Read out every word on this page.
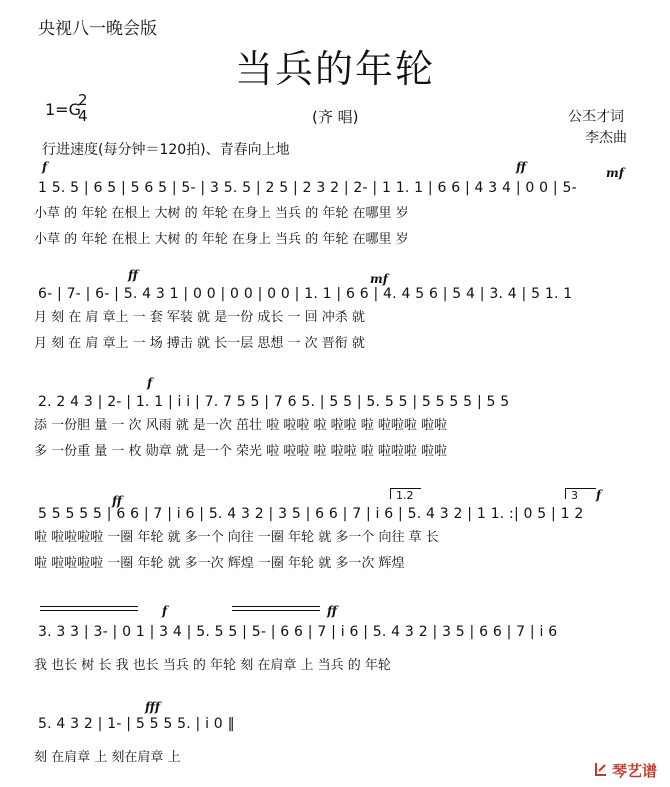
央视八一晚会版
当兵的年轮
1=G
2
4	(齐 唱)	公丕才词
李杰曲
行进速度(每分钟＝120拍)、青春向上地
f	ff	mf
1 5. 5 | 6 5 | 5 6 5 | 5- | 3 5. 5 | 2 5 | 2 3 2 | 2- | 1 1. 1 | 6 6 | 4 3 4 | 0 0 | 5-
小草 的 年轮 在根上 大树 的 年轮 在身上 当兵 的 年轮 在哪里 岁
小草 的 年轮 在根上 大树 的 年轮 在身上 当兵 的 年轮 在哪里 岁
ff	mf
6- | 7- | 6- | 5. 4 3 1 | 0 0 | 0 0 | 0 0 | 1. 1 | 6 6 | 4. 4 5 6 | 5 4 | 3. 4 | 5 1. 1
月 刻 在 肩 章上 一 套 军装 就 是一份 成长 一 回 冲杀 就
月 刻 在 肩 章上 一 场 搏击 就 长一层 思想 一 次 晋衔 就
f
2. 2 4 3 | 2- | 1. 1 | i i | 7. 7 5 5 | 7 6 5. | 5 5 | 5. 5 5 | 5 5 5 5 | 5 5
添 一份胆 量 一 次 风雨 就 是一次 茁壮 啦 啦啦 啦 啦啦 啦 啦啦啦 啦啦
多 一份重 量 一 枚 勋章 就 是一个 荣光 啦 啦啦 啦 啦啦 啦 啦啦啦 啦啦
ff	f
1.2	3
5 5 5 5 5 | 6 6 | 7 | i 6 | 5. 4 3 2 | 3 5 | 6 6 | 7 | i 6 | 5. 4 3 2 | 1 1. :| 0 5 | 1 2
啦 啦啦啦啦 一圈 年轮 就 多一个 向往 一圈 年轮 就 多一个 向往 草 长
啦 啦啦啦啦 一圈 年轮 就 多一次 辉煌 一圈 年轮 就 多一次 辉煌
f	ff
3. 3 3 | 3- | 0 1 | 3 4 | 5. 5 5 | 5- | 6 6 | 7 | i 6 | 5. 4 3 2 | 3 5 | 6 6 | 7 | i 6
我 也长 树 长 我 也长 当兵 的 年轮 刻 在肩章 上 当兵 的 年轮
fff
5. 4 3 2 | 1- | 5 5 5 5. | i 0 ‖
刻 在肩章 上 刻在肩章 上
琴艺谱
